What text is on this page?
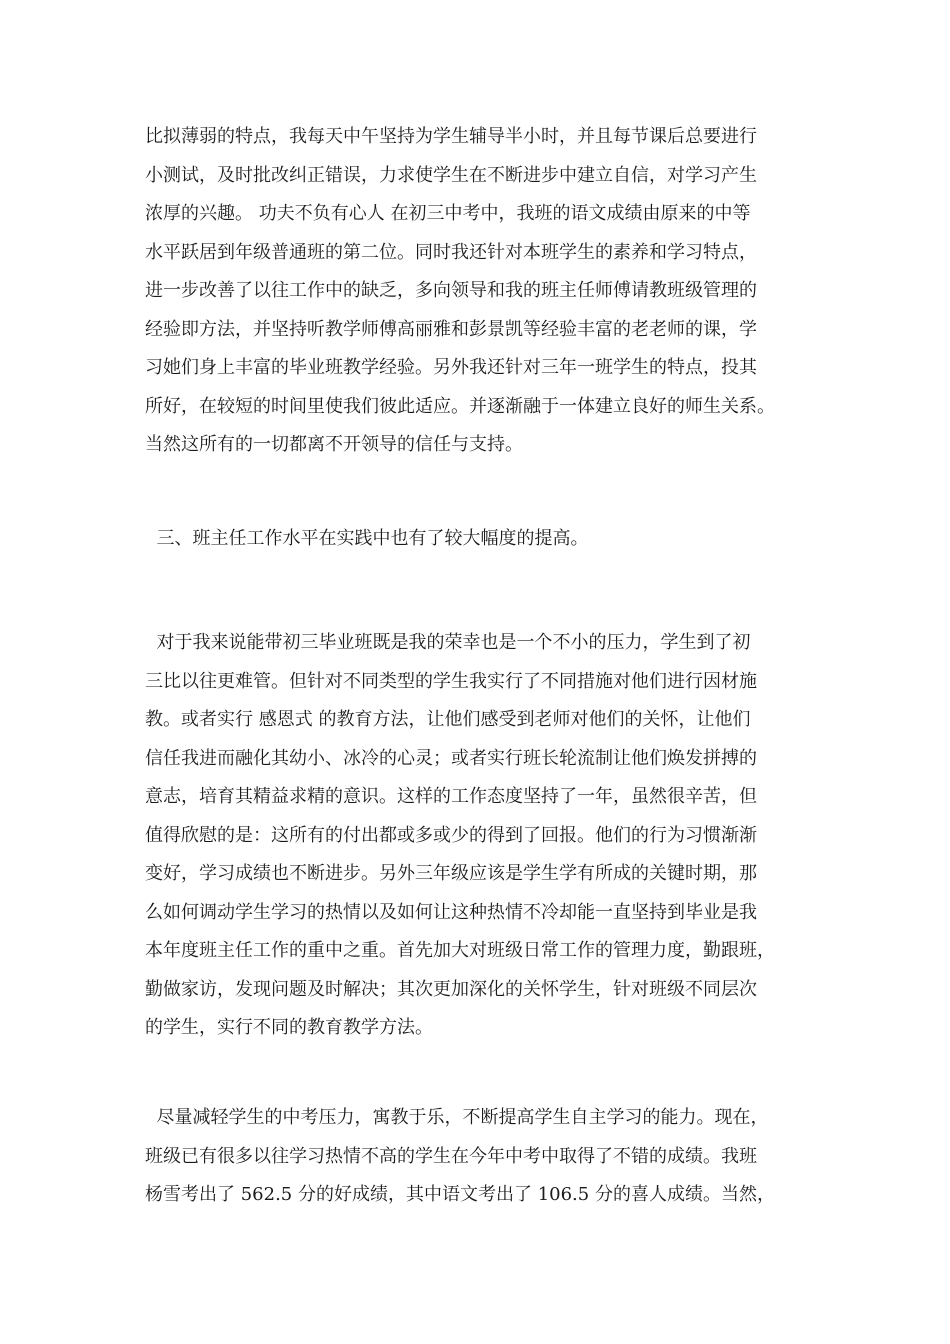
比拟薄弱的特点，我每天中午坚持为学生辅导半小时，并且每节课后总要进行
小测试，及时批改纠正错误，力求使学生在不断进步中建立自信，对学习产生
浓厚的兴趣。 功夫不负有心人 在初三中考中，我班的语文成绩由原来的中等
水平跃居到年级普通班的第二位。同时我还针对本班学生的素养和学习特点，
进一步改善了以往工作中的缺乏，多向领导和我的班主任师傅请教班级管理的
经验即方法，并坚持听教学师傅高丽雅和彭景凯等经验丰富的老老师的课，学
习她们身上丰富的毕业班教学经验。另外我还针对三年一班学生的特点，投其
所好，在较短的时间里使我们彼此适应。并逐渐融于一体建立良好的师生关系。
当然这所有的一切都离不开领导的信任与支持。
三、班主任工作水平在实践中也有了较大幅度的提高。
对于我来说能带初三毕业班既是我的荣幸也是一个不小的压力，学生到了初
三比以往更难管。但针对不同类型的学生我实行了不同措施对他们进行因材施
教。或者实行 感恩式 的教育方法，让他们感受到老师对他们的关怀，让他们
信任我进而融化其幼小、冰冷的心灵；或者实行班长轮流制让他们焕发拼搏的
意志，培育其精益求精的意识。这样的工作态度坚持了一年，虽然很辛苦，但
值得欣慰的是：这所有的付出都或多或少的得到了回报。他们的行为习惯渐渐
变好，学习成绩也不断进步。另外三年级应该是学生学有所成的关键时期，那
么如何调动学生学习的热情以及如何让这种热情不冷却能一直坚持到毕业是我
本年度班主任工作的重中之重。首先加大对班级日常工作的管理力度，勤跟班，
勤做家访，发现问题及时解决；其次更加深化的关怀学生，针对班级不同层次
的学生，实行不同的教育教学方法。
尽量减轻学生的中考压力，寓教于乐，不断提高学生自主学习的能力。现在，
班级已有很多以往学习热情不高的学生在今年中考中取得了不错的成绩。我班
杨雪考出了 562.5 分的好成绩，其中语文考出了 106.5 分的喜人成绩。当然，
